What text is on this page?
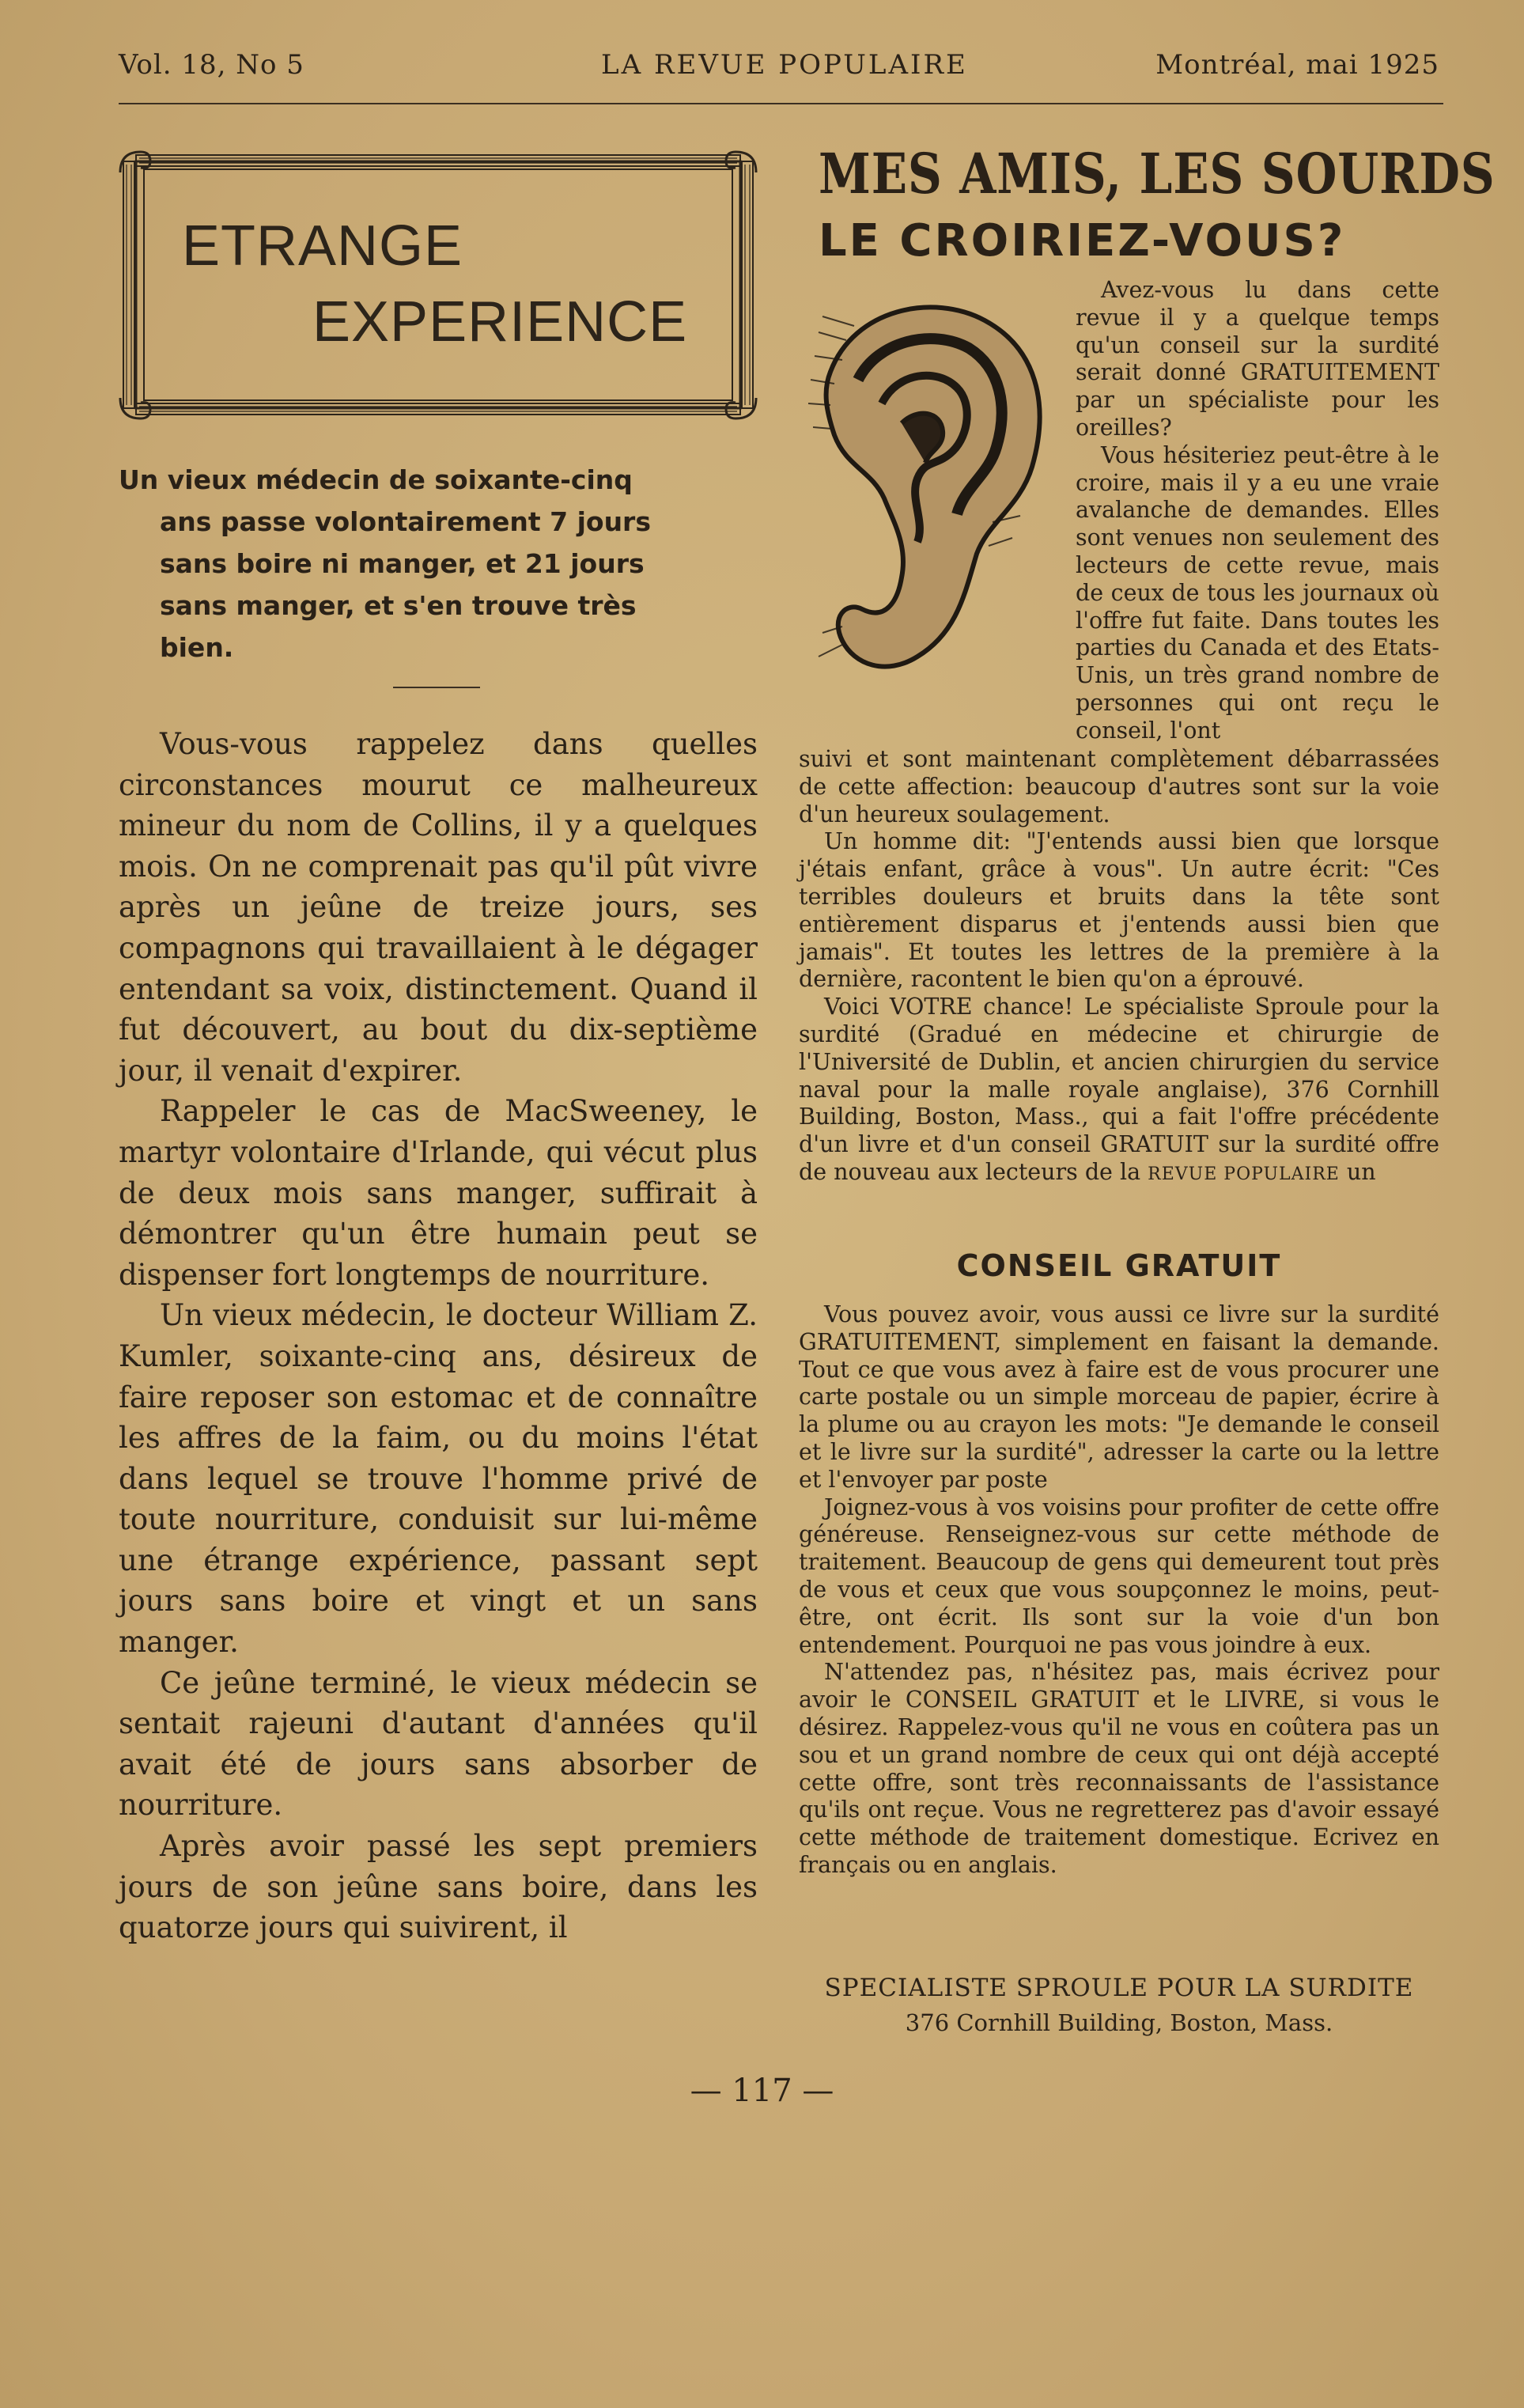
Vol. 18, No 5	LA REVUE POPULAIRE	Montréal, mai 1925
ETRANGE
EXPERIENCE
Un vieux médecin de soixante-cinq
ans passe volontairement 7 jours
sans boire ni manger, et 21 jours
sans manger, et s'en trouve très
bien.

Vous-vous rappelez dans quelles circonstances mourut ce malheureux mineur du nom de Collins, il y a quelques mois. On ne comprenait pas qu'il pût vivre après un jeûne de treize jours, ses compagnons qui travaillaient à le dégager entendant sa voix, distinctement. Quand il fut découvert, au bout du dix-septième jour, il venait d'expirer.

Rappeler le cas de MacSweeney, le martyr volontaire d'Irlande, qui vécut plus de deux mois sans manger, suffirait à démontrer qu'un être humain peut se dispenser fort longtemps de nourriture.

Un vieux médecin, le docteur William Z. Kumler, soixante-cinq ans, désireux de faire reposer son estomac et de connaître les affres de la faim, ou du moins l'état dans lequel se trouve l'homme privé de toute nourriture, conduisit sur lui-même une étrange expérience, passant sept jours sans boire et vingt et un sans manger.

Ce jeûne terminé, le vieux médecin se sentait rajeuni d'autant d'années qu'il avait été de jours sans absorber de nourriture.

Après avoir passé les sept premiers jours de son jeûne sans boire, dans les quatorze jours qui suivirent, il

MES AMIS, LES SOURDS
LE CROIRIEZ-VOUS?

Avez-vous lu dans cette revue il y a quelque temps qu'un conseil sur la surdité serait donné GRATUITEMENT par un spécialiste pour les oreilles?

Vous hésiteriez peut-être à le croire, mais il y a eu une vraie avalanche de demandes. Elles sont venues non seulement des lecteurs de cette revue, mais de ceux de tous les journaux où l'offre fut faite. Dans toutes les parties du Canada et des Etats-Unis, un très grand nombre de personnes qui ont reçu le conseil, l'ont

suivi et sont maintenant complètement débarrassées de cette affection: beaucoup d'autres sont sur la voie d'un heureux soulagement.

Un homme dit: "J'entends aussi bien que lorsque j'étais enfant, grâce à vous". Un autre écrit: "Ces terribles douleurs et bruits dans la tête sont entièrement disparus et j'entends aussi bien que jamais". Et toutes les lettres de la première à la dernière, racontent le bien qu'on a éprouvé.

Voici VOTRE chance! Le spécialiste Sproule pour la surdité (Gradué en médecine et chirurgie de l'Université de Dublin, et ancien chirurgien du service naval pour la malle royale anglaise), 376 Cornhill Building, Boston, Mass., qui a fait l'offre précédente d'un livre et d'un conseil GRATUIT sur la surdité offre de nouveau aux lecteurs de la REVUE POPULAIRE un

CONSEIL GRATUIT

Vous pouvez avoir, vous aussi ce livre sur la surdité GRATUITEMENT, simplement en faisant la demande. Tout ce que vous avez à faire est de vous procurer une carte postale ou un simple morceau de papier, écrire à la plume ou au crayon les mots: "Je demande le conseil et le livre sur la surdité", adresser la carte ou la lettre et l'envoyer par poste

Joignez-vous à vos voisins pour profiter de cette offre généreuse. Renseignez-vous sur cette méthode de traitement. Beaucoup de gens qui demeurent tout près de vous et ceux que vous soupçonnez le moins, peut-être, ont écrit. Ils sont sur la voie d'un bon entendement. Pourquoi ne pas vous joindre à eux.

N'attendez pas, n'hésitez pas, mais écrivez pour avoir le CONSEIL GRATUIT et le LIVRE, si vous le désirez. Rappelez-vous qu'il ne vous en coûtera pas un sou et un grand nombre de ceux qui ont déjà accepté cette offre, sont très reconnaissants de l'assistance qu'ils ont reçue. Vous ne regretterez pas d'avoir essayé cette méthode de traitement domestique. Ecrivez en français ou en anglais.

SPECIALISTE SPROULE POUR LA SURDITE
376 Cornhill Building, Boston, Mass.
— 117 —
